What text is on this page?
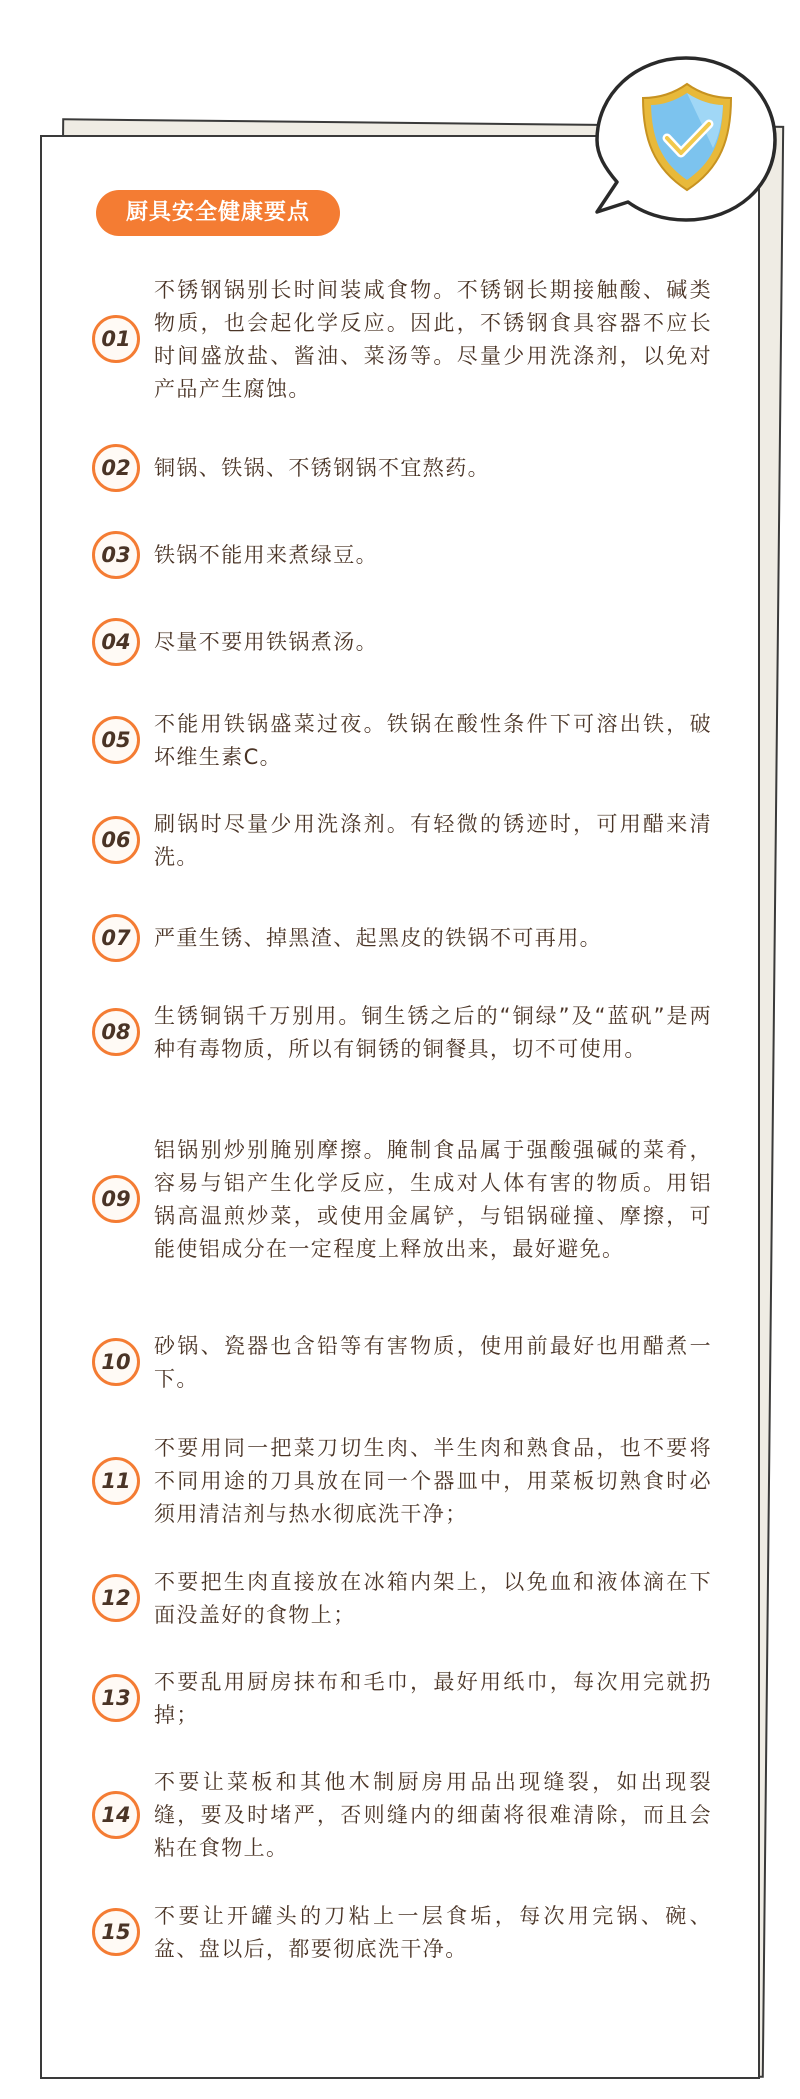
厨具安全健康要点
01
不锈钢锅别长时间装咸食物。不锈钢长期接触酸、碱类物质，也会起化学反应。因此，不锈钢食具容器不应长时间盛放盐、酱油、菜汤等。尽量少用洗涤剂，以免对产品产生腐蚀。
02	铜锅、铁锅、不锈钢锅不宜熬药。
03	铁锅不能用来煮绿豆。
04	尽量不要用铁锅煮汤。
05
不能用铁锅盛菜过夜。铁锅在酸性条件下可溶出铁，破坏维生素C。
06
刷锅时尽量少用洗涤剂。有轻微的锈迹时，可用醋来清洗。
07	严重生锈、掉黑渣、起黑皮的铁锅不可再用。
08
生锈铜锅千万别用。铜生锈之后的“铜绿”及“蓝矾”是两种有毒物质，所以有铜锈的铜餐具，切不可使用。
09
铝锅别炒别腌别摩擦。腌制食品属于强酸强碱的菜肴，容易与铝产生化学反应，生成对人体有害的物质。用铝锅高温煎炒菜，或使用金属铲，与铝锅碰撞、摩擦，可能使铝成分在一定程度上释放出来，最好避免。
10
砂锅、瓷器也含铅等有害物质，使用前最好也用醋煮一下。
11
不要用同一把菜刀切生肉、半生肉和熟食品，也不要将不同用途的刀具放在同一个器皿中，用菜板切熟食时必须用清洁剂与热水彻底洗干净；
12
不要把生肉直接放在冰箱内架上，以免血和液体滴在下面没盖好的食物上；
13
不要乱用厨房抹布和毛巾，最好用纸巾，每次用完就扔掉；
14
不要让菜板和其他木制厨房用品出现缝裂，如出现裂缝，要及时堵严，否则缝内的细菌将很难清除，而且会粘在食物上。
15
不要让开罐头的刀粘上一层食垢，每次用完锅、碗、盆、盘以后，都要彻底洗干净。
